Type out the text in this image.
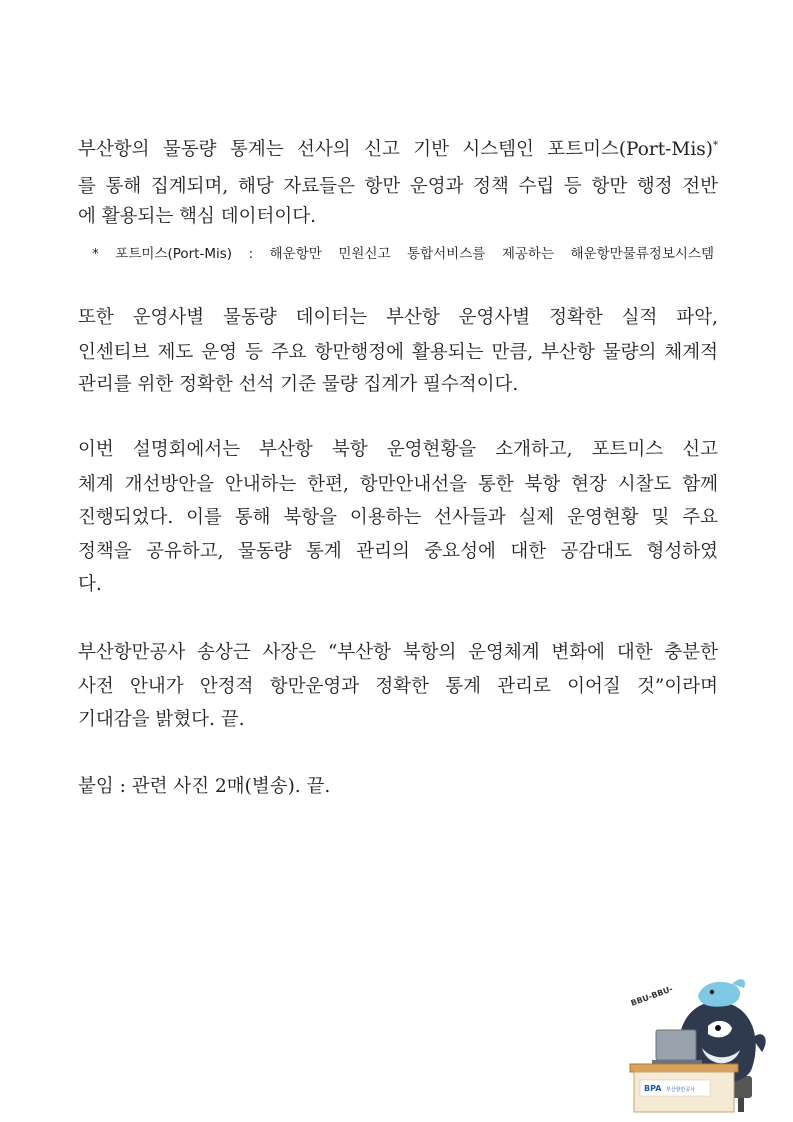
부산항의 물동량 통계는 선사의 신고 기반 시스템인 포트미스(Port-Mis)*
를 통해 집계되며, 해당 자료들은 항만 운영과 정책 수립 등 항만 행정 전반
에 활용되는 핵심 데이터이다.
* 포트미스(Port-Mis) : 해운항만 민원신고 통합서비스를 제공하는 해운항만물류정보시스템
또한 운영사별 물동량 데이터는 부산항 운영사별 정확한 실적 파악,
인센티브 제도 운영 등 주요 항만행정에 활용되는 만큼, 부산항 물량의 체계적
관리를 위한 정확한 선석 기준 물량 집계가 필수적이다.
이번 설명회에서는 부산항 북항 운영현황을 소개하고, 포트미스 신고
체계 개선방안을 안내하는 한편, 항만안내선을 통한 북항 현장 시찰도 함께
진행되었다. 이를 통해 북항을 이용하는 선사들과 실제 운영현황 및 주요
정책을 공유하고, 물동량 통계 관리의 중요성에 대한 공감대도 형성하였
다.
부산항만공사 송상근 사장은 “부산항 북항의 운영체계 변화에 대한 충분한
사전 안내가 안정적 항만운영과 정확한 통계 관리로 이어질 것”이라며
기대감을 밝혔다. 끝.
붙임 : 관련 사진 2매(별송). 끝.
BBU-BBU-
BPA 부산항만공사
